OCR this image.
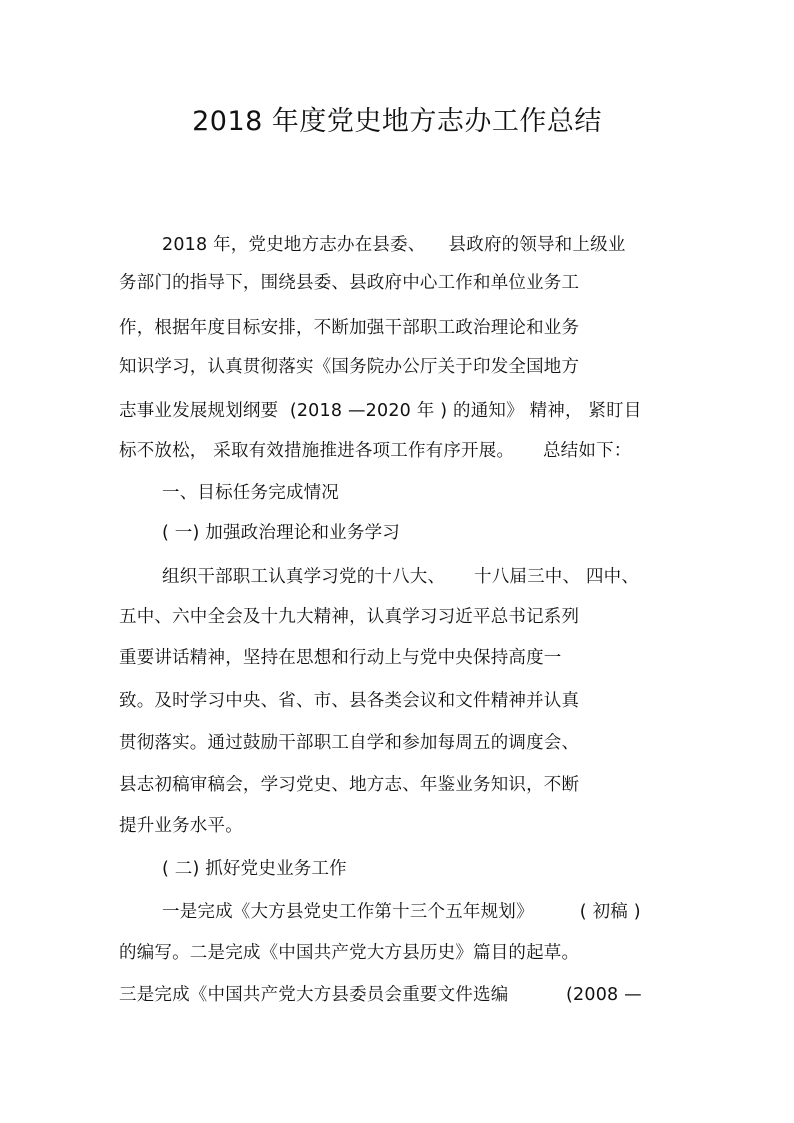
2018 年度党史地方志办工作总结
2018 年，党史地方志办在县委、    县政府的领导和上级业
务部门的指导下，围绕县委、县政府中心工作和单位业务工
作，根据年度目标安排，不断加强干部职工政治理论和业务
知识学习，认真贯彻落实《国务院办公厅关于印发全国地方
志事业发展规划纲要  (2018 —2020 年 ) 的通知》 精神， 紧盯目
标不放松， 采取有效措施推进各项工作有序开展。     总结如下：
一、目标任务完成情况
( 一) 加强政治理论和业务学习
组织干部职工认真学习党的十八大、     十八届三中、 四中、
五中、六中全会及十九大精神，认真学习习近平总书记系列
重要讲话精神，坚持在思想和行动上与党中央保持高度一
致。及时学习中央、省、市、县各类会议和文件精神并认真
贯彻落实。通过鼓励干部职工自学和参加每周五的调度会、
县志初稿审稿会，学习党史、地方志、年鉴业务知识，不断
提升业务水平。
( 二) 抓好党史业务工作
一是完成《大方县党史工作第十三个五年规划》        ( 初稿 )
的编写。二是完成《中国共产党大方县历史》篇目的起草。
三是完成《中国共产党大方县委员会重要文件选编          (2008 —
